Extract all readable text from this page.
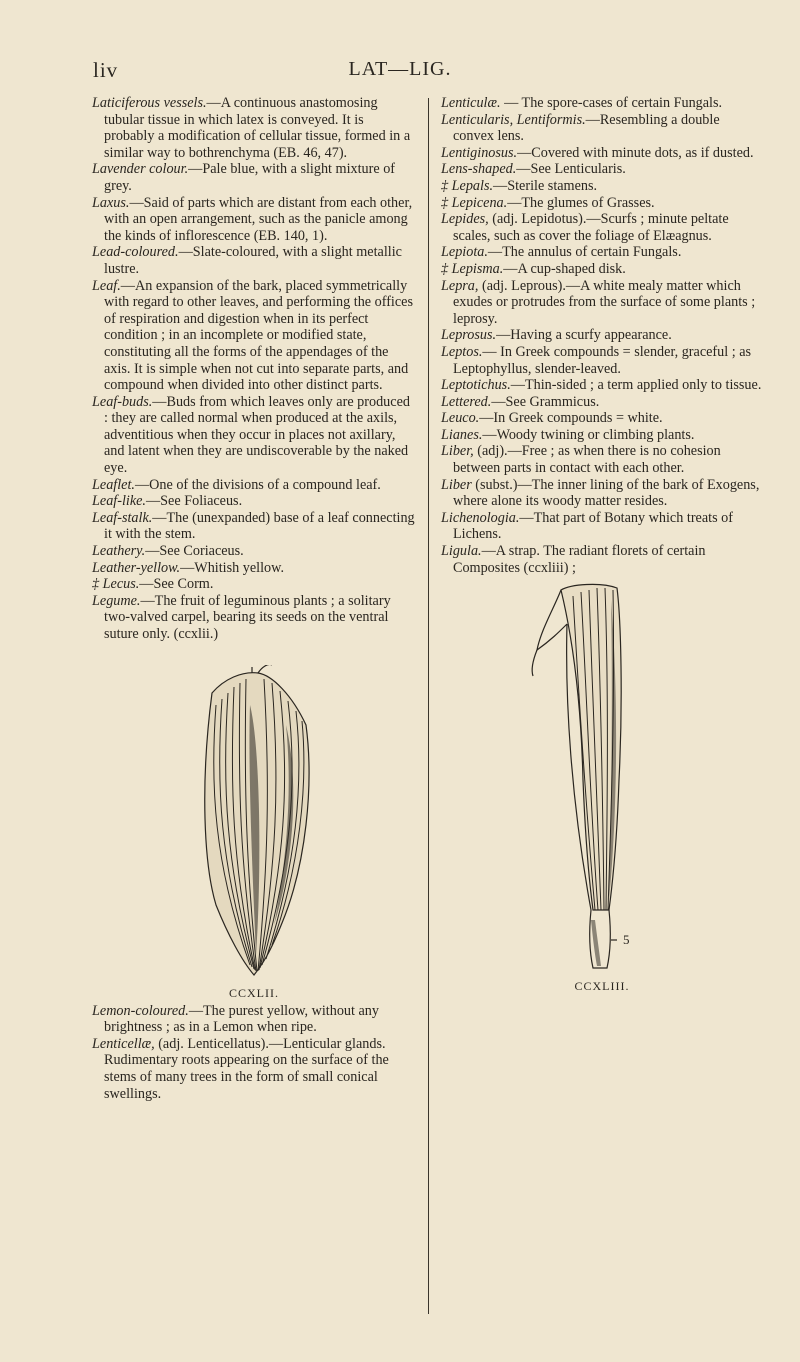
liv	LAT—LIG.

Laticiferous vessels.—A continuous anastomosing tubular tissue in which latex is conveyed. It is probably a modification of cellular tissue, formed in a similar way to bothrenchyma (EB. 46, 47).

Lavender colour.—Pale blue, with a slight mixture of grey.

Laxus.—Said of parts which are distant from each other, with an open arrangement, such as the panicle among the kinds of inflorescence (EB. 140, 1).

Lead-coloured.—Slate-coloured, with a slight metallic lustre.

Leaf.—An expansion of the bark, placed symmetrically with regard to other leaves, and performing the offices of respiration and digestion when in its perfect condition ; in an incomplete or modified state, constituting all the forms of the appendages of the axis. It is simple when not cut into separate parts, and compound when divided into other distinct parts.

Leaf-buds.—Buds from which leaves only are produced : they are called normal when produced at the axils, adventitious when they occur in places not axillary, and latent when they are undiscoverable by the naked eye.

Leaflet.—One of the divisions of a compound leaf.

Leaf-like.—See Foliaceus.

Leaf-stalk.—The (unexpanded) base of a leaf connecting it with the stem.

Leathery.—See Coriaceus.

Leather-yellow.—Whitish yellow.

‡ Lecus.—See Corm.

Legume.—The fruit of leguminous plants ; a solitary two-valved carpel, bearing its seeds on the ventral suture only. (ccxlii.)

CCXLII.

Lemon-coloured.—The purest yellow, without any brightness ; as in a Lemon when ripe.

Lenticellæ, (adj. Lenticellatus).—Lenticular glands. Rudimentary roots appearing on the surface of the stems of many trees in the form of small conical swellings.

Lenticulæ. — The spore-cases of certain Fungals.

Lenticularis, Lentiformis.—Resembling a double convex lens.

Lentiginosus.—Covered with minute dots, as if dusted.

Lens-shaped.—See Lenticularis.

‡ Lepals.—Sterile stamens.

‡ Lepicena.—The glumes of Grasses.

Lepides, (adj. Lepidotus).—Scurfs ; minute peltate scales, such as cover the foliage of Elæagnus.

Lepiota.—The annulus of certain Fungals.

‡ Lepisma.—A cup-shaped disk.

Lepra, (adj. Leprous).—A white mealy matter which exudes or protrudes from the surface of some plants ; leprosy.

Leprosus.—Having a scurfy appearance.

Leptos.— In Greek compounds = slender, graceful ; as Leptophyllus, slender-leaved.

Leptotichus.—Thin-sided ; a term applied only to tissue.

Lettered.—See Grammicus.

Leuco.—In Greek compounds = white.

Lianes.—Woody twining or climbing plants.

Liber, (adj).—Free ; as when there is no cohesion between parts in contact with each other.

Liber (subst.)—The inner lining of the bark of Exogens, where alone its woody matter resides.

Lichenologia.—That part of Botany which treats of Lichens.

Ligula.—A strap. The radiant florets of certain Composites (ccxliii) ;

5
CCXLIII.
